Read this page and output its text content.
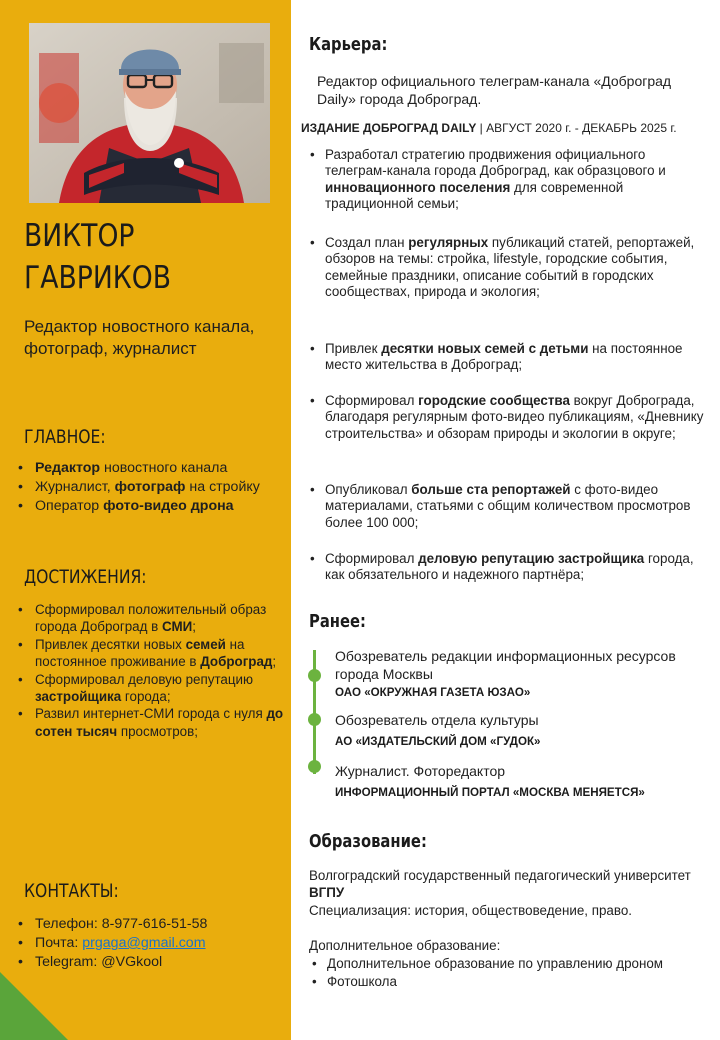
ВИКТОР
ГАВРИКОВ
Редактор новостного канала, фотограф, журналист
ГЛАВНОЕ:
• Редактор новостного канала
• Журналист, фотограф на стройку
• Оператор фото-видео дрона
ДОСТИЖЕНИЯ:
• Сформировал положительный образ города Доброград в СМИ;
• Привлек десятки новых семей на постоянное проживание в Доброград;
• Сформировал деловую репутацию застройщика города;
• Развил интернет-СМИ города с нуля до сотен тысяч просмотров;
КОНТАКТЫ:
• Телефон: 8-977-616-51-58
• Почта: prgaga@gmail.com
• Telegram: @VGkool
Карьера:
Редактор официального телеграм-канала «Доброград Daily» города Доброград.
ИЗДАНИЕ ДОБРОГРАД DAILY | АВГУСТ 2020 г. - ДЕКАБРЬ 2025 г.
• Разработал стратегию продвижения официального телеграм-канала города Доброград, как образцового и инновационного поселения для современной традиционной семьи;
• Создал план регулярных публикаций статей, репортажей, обзоров на темы: стройка, lifestyle, городские события, семейные праздники, описание событий в городских сообществах, природа и экология;
• Привлек десятки новых семей с детьми на постоянное место жительства в Доброград;
• Сформировал городские сообщества вокруг Доброграда, благодаря регулярным фото-видео публикациям, «Дневнику строительства» и обзорам природы и экологии в округе;
• Опубликовал больше ста репортажей с фото-видео материалами, статьями с общим количеством просмотров более 100 000;
• Сформировал деловую репутацию застройщика города, как обязательного и надежного партнёра;
Ранее:
Обозреватель редакции информационных ресурсов города Москвы
ОАО «ОКРУЖНАЯ ГАЗЕТА ЮЗАО»
Обозреватель отдела культуры
АО «ИЗДАТЕЛЬСКИЙ ДОМ «ГУДОК»
Журналист. Фоторедактор
ИНФОРМАЦИОННЫЙ ПОРТАЛ «МОСКВА МЕНЯЕТСЯ»
Образование:
Волгоградский государственный педагогический университет ВГПУ
Специализация: история, обществоведение, право.
Дополнительное образование:
• Дополнительное образование по управлению дроном
• Фотошкола
